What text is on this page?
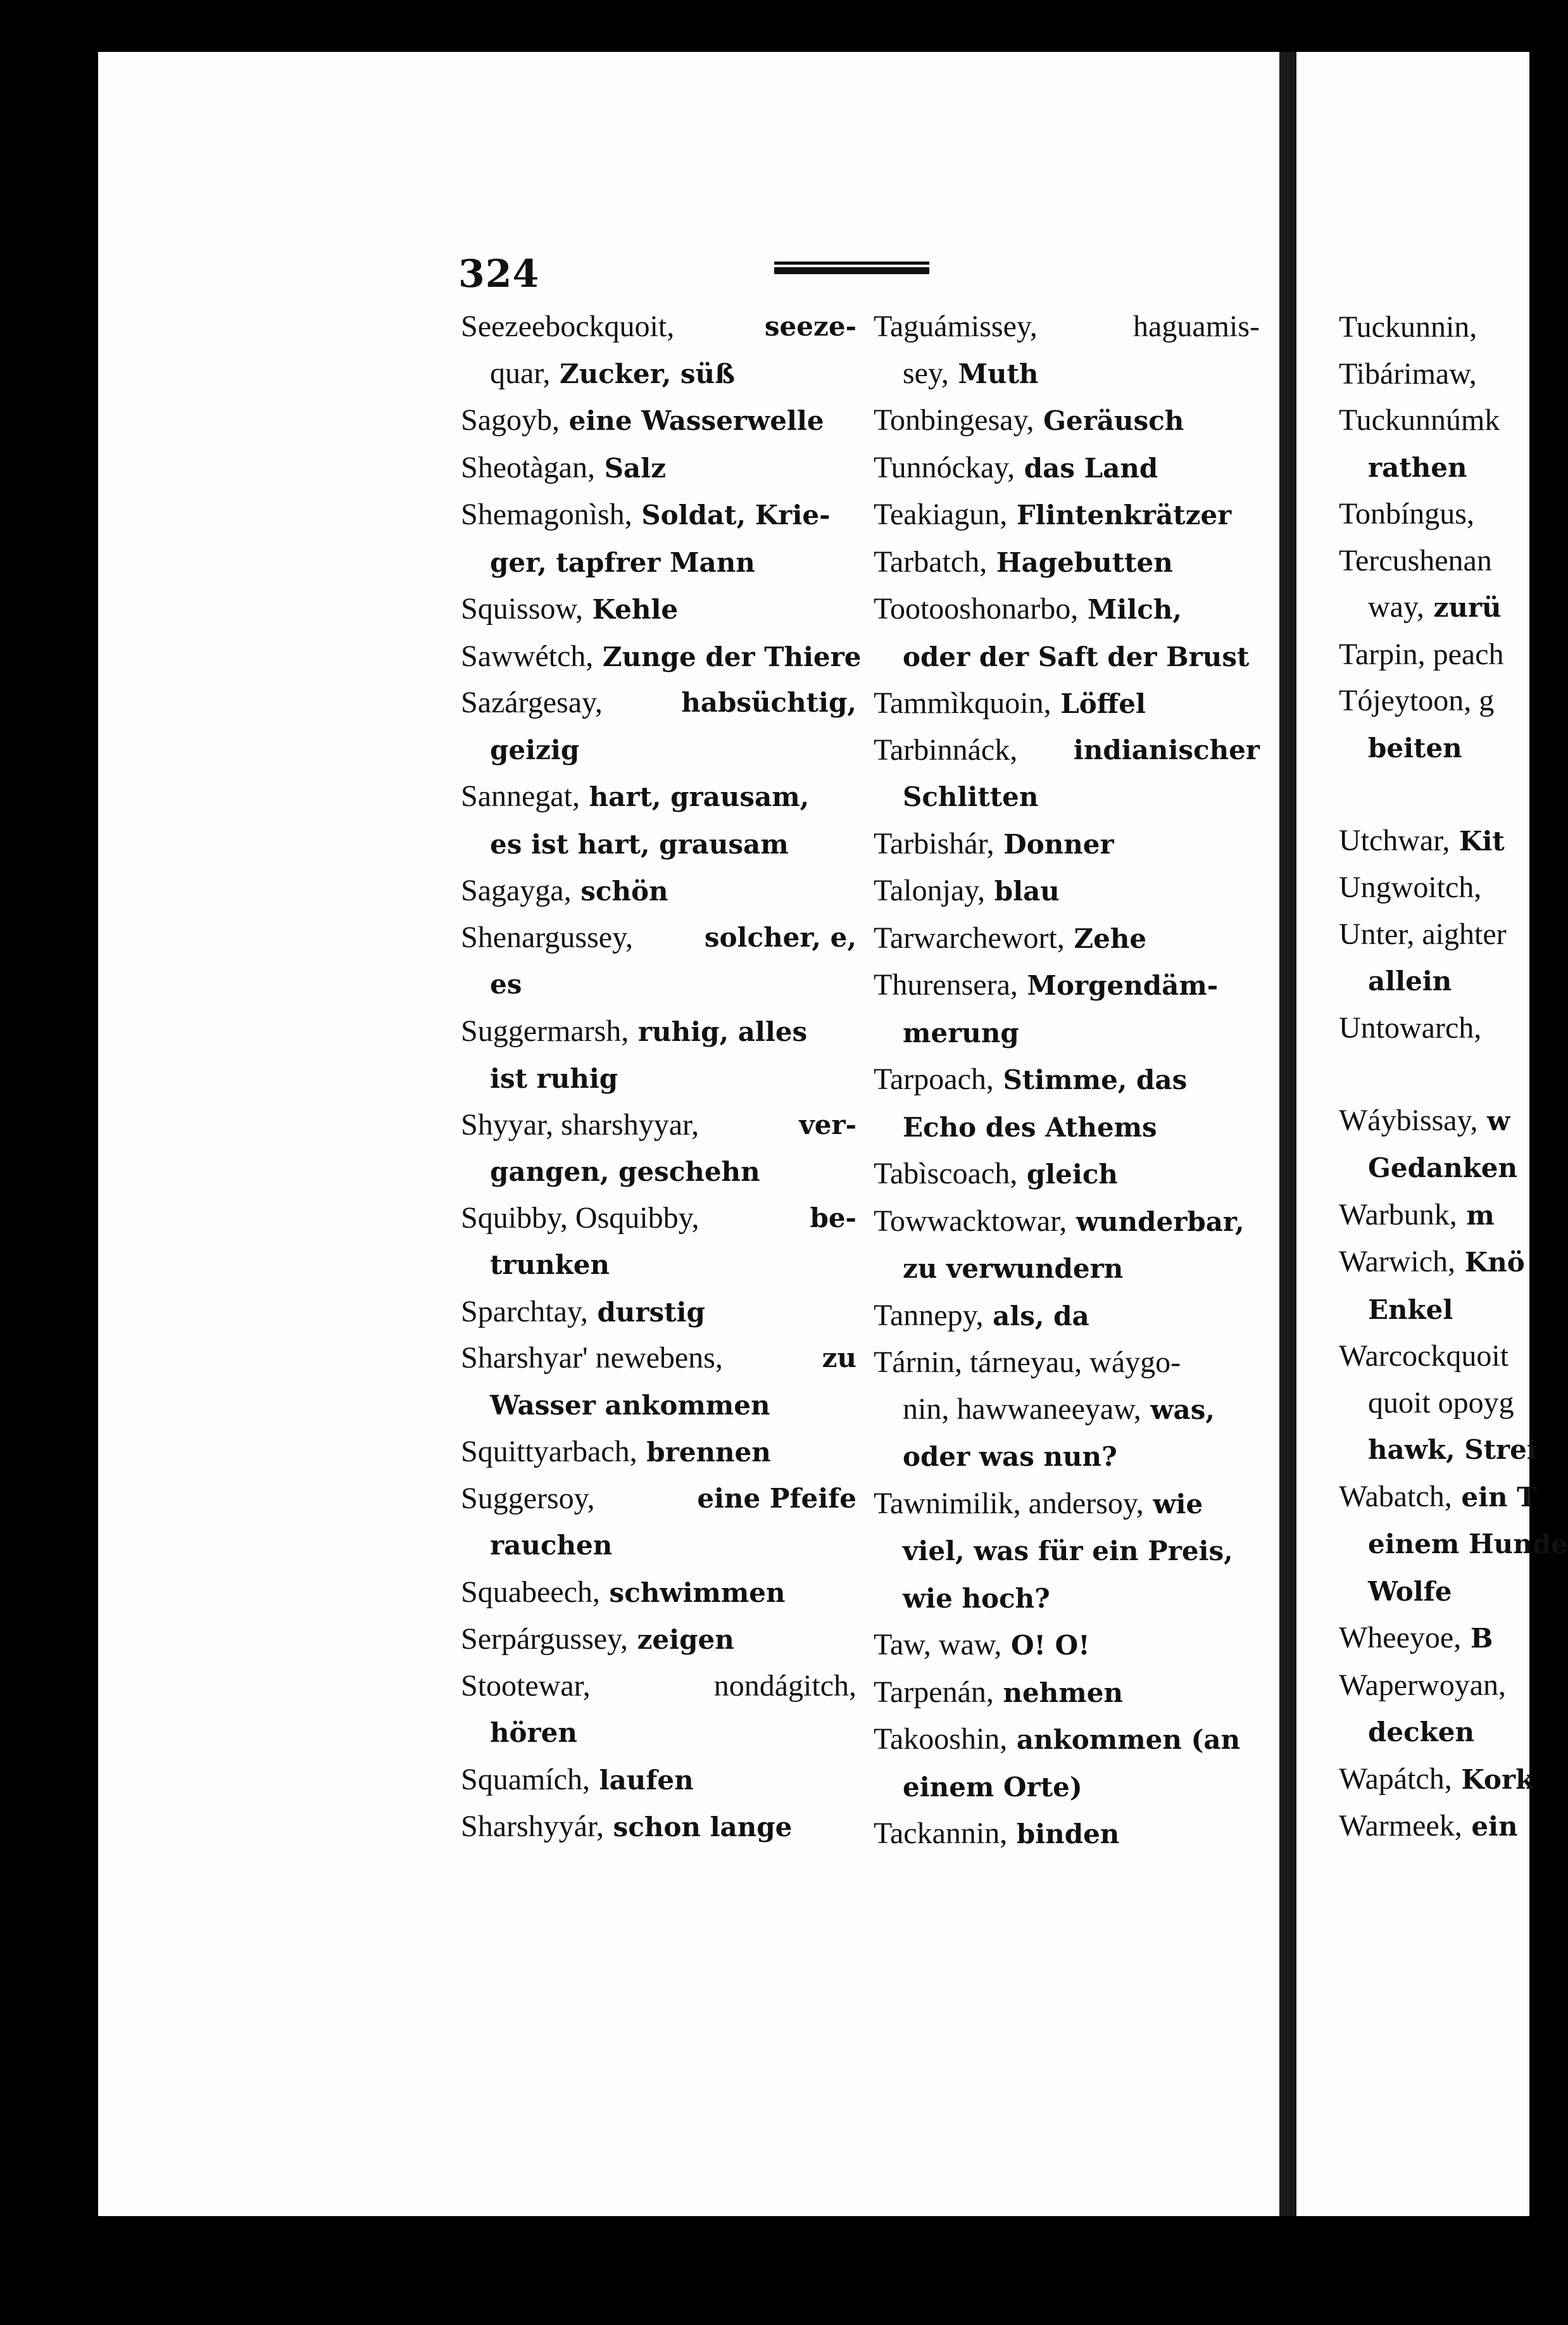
324
Seezeebockquoit,	seeze-
quar, Zucker, süß
Sagoyb, eine Wasserwelle
Sheotàgan, Salz
Shemagonìsh, Soldat, Krie-
ger, tapfrer Mann
Squissow, Kehle
Sawwétch, Zunge der Thiere
Sazárgesay,	habsüchtig,
geizig
Sannegat, hart, grausam,
es ist hart, grausam
Sagayga, schön
Shenargussey,	solcher, e,
es
Suggermarsh, ruhig, alles
ist ruhig
Shyyar, sharshyyar,	ver-
gangen, geschehn
Squibby, Osquibby,	be-
trunken
Sparchtay, durstig
Sharshyar' newebens,	zu
Wasser ankommen
Squittyarbach, brennen
Suggersoy,	eine Pfeife
rauchen
Squabeech, schwimmen
Serpárgussey, zeigen
Stootewar,	nondágitch,
hören
Squamích, laufen
Sharshyyár, schon lange
Taguámissey,	haguamis-
sey, Muth
Tonbingesay, Geräusch
Tunnóckay, das Land
Teakiagun, Flintenkrätzer
Tarbatch, Hagebutten
Tootooshonarbo, Milch,
oder der Saft der Brust
Tammìkquoin, Löffel
Tarbinnáck, indianischer
Schlitten
Tarbishár, Donner
Talonjay, blau
Tarwarchewort, Zehe
Thurensera, Morgendäm-
merung
Tarpoach, Stimme, das
Echo des Athems
Tabìscoach, gleich
Towwacktowar, wunderbar,
zu verwundern
Tannepy, als, da
Tárnin, tárneyau, wáygo-
nin, hawwaneeyaw, was,
oder was nun?
Tawnimilik, andersoy, wie
viel, was für ein Preis,
wie hoch?
Taw, waw, O! O!
Tarpenán, nehmen
Takooshin, ankommen (an
einem Orte)
Tackannin, binden
Tuckunnin,
Tibárimaw,
Tuckunnúmk
rathen
Tonbíngus,
Tercushenan
way, zurü
Tarpin, peach
Tójeytoon, g
beiten
Utchwar, Kit
Ungwoitch,
Unter, aighter
allein
Untowarch,
Wáybissay, w
Gedanken
Warbunk, m
Warwich, Knö
Enkel
Warcockquoit
quoit opoyg
hawk, Strei
Wabatch, ein T
einem Hunde
Wolfe
Wheeyoe, B
Waperwoyan,
decken
Wapátch, Kork
Warmeek, ein
